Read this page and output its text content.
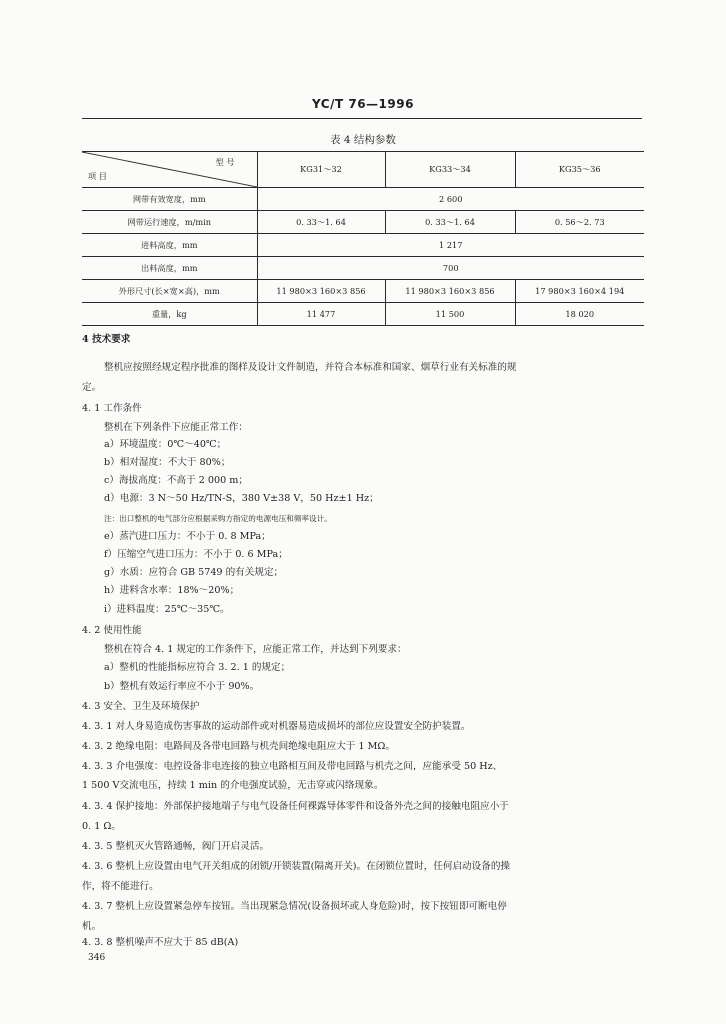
YC/T 76—1996
表 4 结构参数
型 号
项 目	KG31～32	KG33～34	KG35～36
网带有效宽度，mm	2 600		
网带运行速度，m/min	0. 33～1. 64	0. 33～1. 64	0. 56～2. 73
进料高度，mm	1 217		
出料高度，mm	700		
外形尺寸(长×宽×高)，mm	11 980×3 160×3 856	11 980×3 160×3 856	17 980×3 160×4 194
重量，kg	11 477	11 500	18 020
4 技术要求
整机应按照经规定程序批准的图样及设计文件制造，并符合本标准和国家、烟草行业有关标准的规
定。
4. 1 工作条件
整机在下列条件下应能正常工作：
a）环境温度：0℃～40℃；
b）相对湿度：不大于 80%；
c）海拔高度：不高于 2 000 m；
d）电源：3 N～50 Hz/TN-S，380 V±38 V，50 Hz±1 Hz；
注：出口整机的电气部分应根据采购方指定的电源电压和频率设计。
e）蒸汽进口压力：不小于 0. 8 MPa；
f）压缩空气进口压力：不小于 0. 6 MPa；
g）水质：应符合 GB 5749 的有关规定；
h）进料含水率：18%～20%；
i）进料温度：25℃～35℃。
4. 2 使用性能
整机在符合 4. 1 规定的工作条件下，应能正常工作，并达到下列要求：
a）整机的性能指标应符合 3. 2. 1 的规定；
b）整机有效运行率应不小于 90%。
4. 3 安全、卫生及环境保护
4. 3. 1 对人身易造成伤害事故的运动部件或对机器易造成损坏的部位应设置安全防护装置。
4. 3. 2 绝缘电阻：电路间及各带电回路与机壳间绝缘电阻应大于 1 MΩ。
4. 3. 3 介电强度：电控设备非电连接的独立电路相互间及带电回路与机壳之间，应能承受 50 Hz、
1 500 V交流电压，持续 1 min 的介电强度试验，无击穿或闪络现象。
4. 3. 4 保护接地：外部保护接地端子与电气设备任何裸露导体零件和设备外壳之间的接触电阻应小于
0. 1 Ω。
4. 3. 5 整机灭火管路通畅，阀门开启灵活。
4. 3. 6 整机上应设置由电气开关组成的闭锁/开锁装置(隔离开关)。在闭锁位置时，任何启动设备的操
作，将不能进行。
4. 3. 7 整机上应设置紧急停车按钮。当出现紧急情况(设备损坏或人身危险)时，按下按钮即可断电停
机。
4. 3. 8 整机噪声不应大于 85 dB(A)
346
